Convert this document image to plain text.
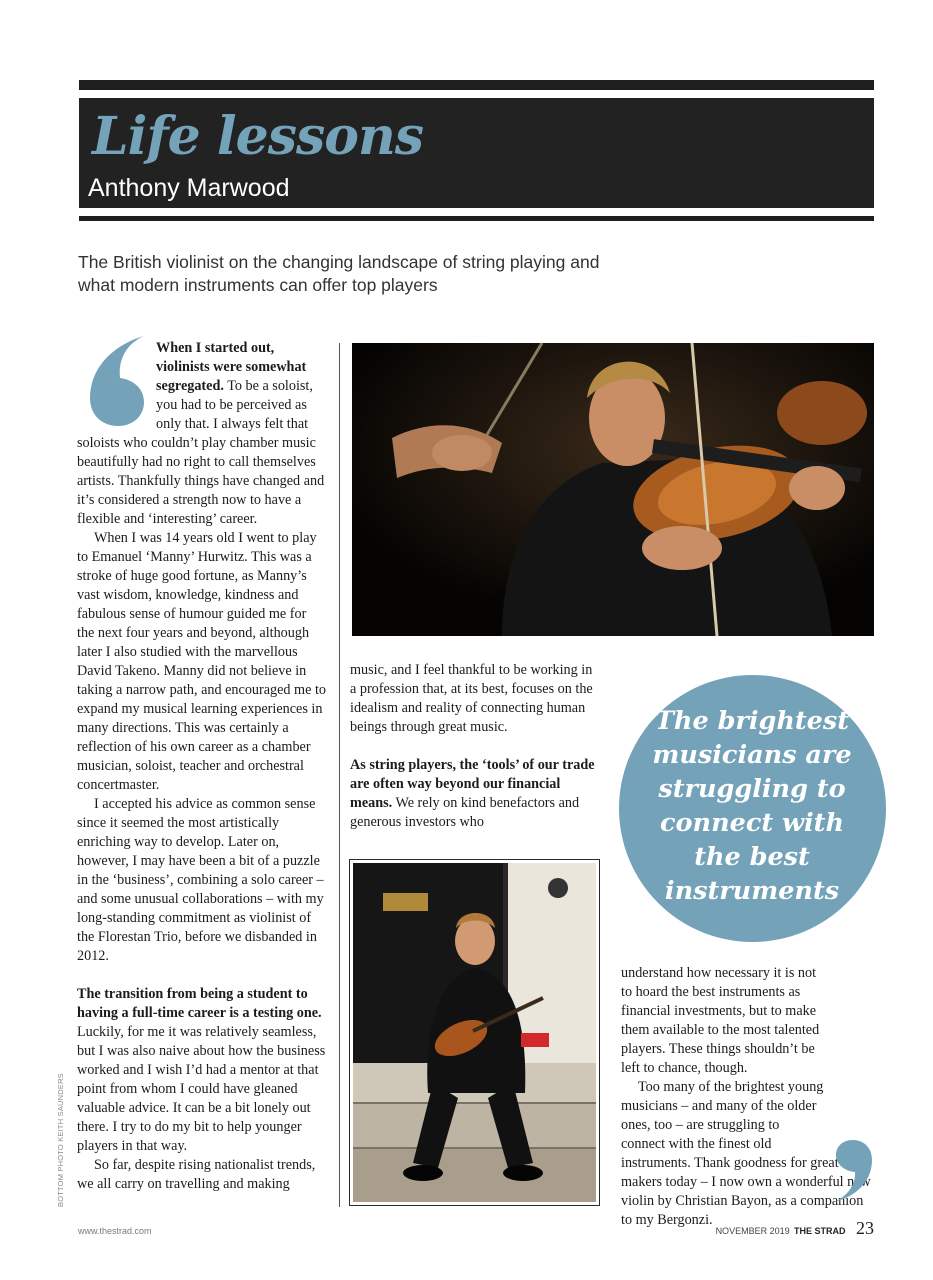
Life lessons
Anthony Marwood

The British violinist on the changing landscape of string playing and what modern instruments can offer top players

When I started out, violinists were somewhat segregated. To be a soloist, you had to be perceived as only that. I always felt that soloists who couldn’t play chamber music beautifully had no right to call themselves artists. Thankfully things have changed and it’s considered a strength now to have a flexible and ‘interesting’ career.

When I was 14 years old I went to play to Emanuel ‘Manny’ Hurwitz. This was a stroke of huge good fortune, as Manny’s vast wisdom, knowledge, kindness and fabulous sense of humour guided me for the next four years and beyond, although later I also studied with the marvellous David Takeno. Manny did not believe in taking a narrow path, and encouraged me to expand my musical learning experiences in many directions. This was certainly a reflection of his own career as a chamber musician, soloist, teacher and orchestral concertmaster.

I accepted his advice as common sense since it seemed the most artistically enriching way to develop. Later on, however, I may have been a bit of a puzzle in the ‘business’, combining a solo career – and some unusual collaborations – with my long-standing commitment as violinist of the Florestan Trio, before we disbanded in 2012.

The transition from being a student to having a full-time career is a testing one. Luckily, for me it was relatively seamless, but I was also naive about how the business worked and I wish I’d had a mentor at that point from whom I could have gleaned valuable advice. It can be a bit lonely out there. I try to do my bit to help younger players in that way.

So far, despite rising nationalist trends, we all carry on travelling and making

music, and I feel thankful to be working in a profession that, at its best, focuses on the idealism and reality of connecting human beings through great music.

As string players, the ‘tools’ of our trade are often way beyond our financial means. We rely on kind benefactors and generous investors who

The brightest musicians are struggling to connect with the best instruments

understand how necessary it is not to hoard the best instruments as financial investments, but to make them available to the most talented players. These things shouldn’t be left to chance, though.

Too many of the brightest young musicians – and many of the older ones, too – are struggling to connect with the finest old instruments. Thank goodness for great makers today – I now own a wonderful new violin by Christian Bayon, as a companion to my Bergonzi.

BOTTOM PHOTO KEITH SAUNDERS
www.thestrad.com	NOVEMBER 2019 THE STRAD 23
